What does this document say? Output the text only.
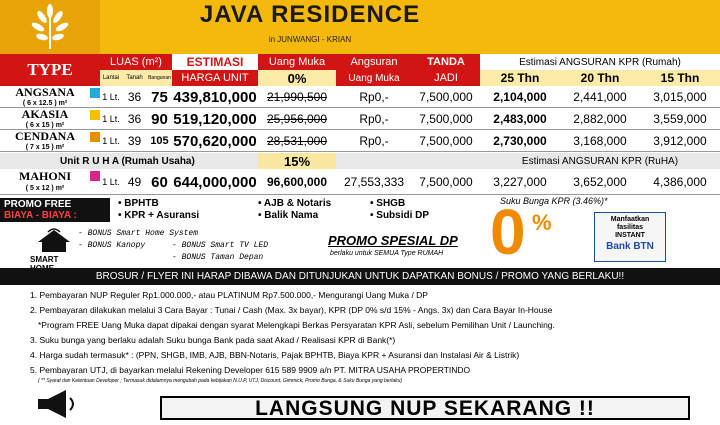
JAVA RESIDENCE
in JUNWANGI - KRIAN
TYPE	LUAS (m²)
Lantai	Tanah	Bangunan
ESTIMASI
HARGA UNIT
Uang Muka
0%
Angsuran
Uang Muka
TANDA
JADI
Estimasi ANGSURAN KPR (Rumah)
25 Thn	20 Thn	15 Thn
ANGSANA
( 6 x 12.5 ) m²
1 Lt. 36 75 439,810,000 21,990,500	Rp0,-	7,500,000	2,104,000	2,441,000	3,015,000
AKASIA
( 6 x 15 ) m²
1 Lt. 36 90 519,120,000 25,956,000	Rp0,-	7,500,000	2,483,000	2,882,000	3,559,000
CENDANA
( 7 x 15 ) m²
1 Lt. 39 105 570,620,000 28,531,000	Rp0,-	7,500,000	2,730,000	3,168,000	3,912,000
Unit R U H A (Rumah Usaha)	15%	Estimasi ANGSURAN KPR (RuHA)
MAHONI
( 5 x 12 ) m²
1 Lt. 49 60 644,000,000 96,600,000	27,553,333	7,500,000	3,227,000	3,652,000	4,386,000
PROMO FREE
BIAYA - BIAYA :
• BPHTB
• KPR + Asuransi
• AJB & Notaris
• Balik Nama
• SHGB
• Subsidi DP
SMART
- BONUS Smart Home System
- BONUS Kanopy	- BONUS Smart TV LED
- BONUS Taman Depan
PROMO SPESIAL DP
berlaku untuk SEMUA Type RUMAH
Suku Bunga KPR (3.46%)*
0 %	Manfaatkan
fasilitas
INSTANT
Bank BTN
BROSUR / FLYER INI HARAP DIBAWA DAN DITUNJUKAN UNTUK DAPATKAN BONUS / PROMO YANG BERLAKU!!
1. Pembayaran NUP Reguler Rp1.000.000,- atau PLATINUM Rp7.500.000,- Mengurangi Uang Muka / DP
2. Pembayaran dilakukan melalui 3 Cara Bayar : Tunai / Cash (Max. 3x bayar), KPR (DP 0% s/d 15% - Angs. 3x) dan Cara Bayar In-House
*Program FREE Uang Muka dapat dipakai dengan syarat Melengkapi Berkas Persyaratan KPR Asli, sebelum Pemilihan Unit / Launching.
3. Suku bunga yang berlaku adalah Suku bunga Bank pada saat Akad / Realisasi KPR di Bank(*)
4. Harga sudah termasuk* : (PPN, SHGB, IMB, AJB, BBN-Notaris, Pajak BPHTB, Biaya KPR + Asuransi dan Instalasi Air & Listrik)
5. Pembayaran UTJ, di bayarkan melalui Rekening Developer 615 589 9909 a/n PT. MITRA USAHA PROPERTINDO
( ** Syarat dan Ketentuan Developer ; Termasuk didalamnya mengubah pada kebijakan N.U.P, UTJ, Discount, Gimmick, Promo Bunga, & Suku Bunga yang berlaku)
LANGSUNG NUP SEKARANG !!
